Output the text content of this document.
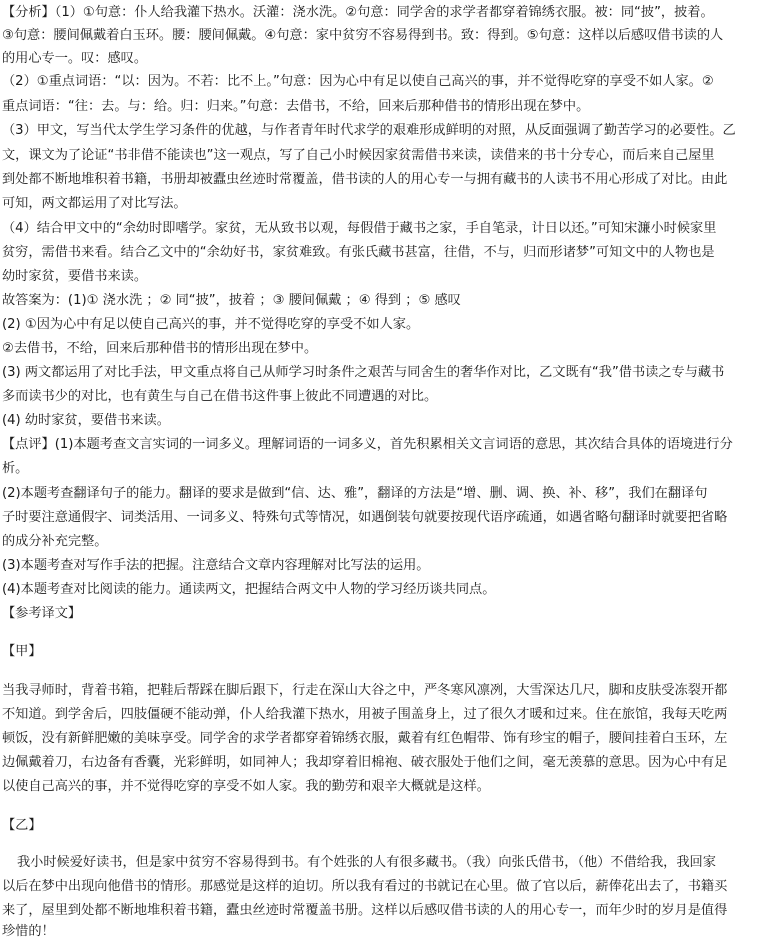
【分析】（1）①句意：仆人给我灌下热水。沃灌：浇水洗。②句意：同学舍的求学者都穿着锦绣衣服。被：同“披”，披着。
③句意：腰间佩戴着白玉环。腰：腰间佩戴。④句意：家中贫穷不容易得到书。致：得到。⑤句意：这样以后感叹借书读的人
的用心专一。叹：感叹。
（2）①重点词语：“以：因为。不若：比不上。”句意：因为心中有足以使自己高兴的事，并不觉得吃穿的享受不如人家。②
重点词语：“往：去。与：给。归：归来。”句意：去借书，不给，回来后那种借书的情形出现在梦中。
（3）甲文，写当代太学生学习条件的优越，与作者青年时代求学的艰难形成鲜明的对照，从反面强调了勤苦学习的必要性。乙
文，课文为了论证“书非借不能读也”这一观点，写了自己小时候因家贫需借书来读，读借来的书十分专心，而后来自己屋里
到处都不断地堆积着书籍，书册却被蠹虫丝迹时常覆盖，借书读的人的用心专一与拥有藏书的人读书不用心形成了对比。由此
可知，两文都运用了对比写法。
（4）结合甲文中的“余幼时即嗜学。家贫，无从致书以观，每假借于藏书之家，手自笔录，计日以还。”可知宋濂小时候家里
贫穷，需借书来看。结合乙文中的“余幼好书，家贫难致。有张氏藏书甚富，往借，不与，归而形诸梦”可知文中的人物也是
幼时家贫，要借书来读。
故答案为：(1)① 浇水洗 ；② 同“披”，披着 ；③ 腰间佩戴 ；④ 得到 ；⑤ 感叹
(2) ①因为心中有足以使自己高兴的事，并不觉得吃穿的享受不如人家。
②去借书，不给，回来后那种借书的情形出现在梦中。
(3) 两文都运用了对比手法，甲文重点将自己从师学习时条件之艰苦与同舍生的奢华作对比，乙文既有“我”借书读之专与藏书
多而读书少的对比，也有黄生与自己在借书这件事上彼此不同遭遇的对比。
(4) 幼时家贫，要借书来读。
【点评】(1)本题考查文言实词的一词多义。理解词语的一词多义，首先积累相关文言词语的意思，其次结合具体的语境进行分
析。
(2)本题考查翻译句子的能力。翻译的要求是做到“信、达、雅”，翻译的方法是“增、删、调、换、补、移”，我们在翻译句
子时要注意通假字、词类活用、一词多义、特殊句式等情况，如遇倒装句就要按现代语序疏通，如遇省略句翻译时就要把省略
的成分补充完整。
(3)本题考查对写作手法的把握。注意结合文章内容理解对比写法的运用。
(4)本题考查对比阅读的能力。通读两文，把握结合两文中人物的学习经历谈共同点。
【参考译文】
【甲】
当我寻师时，背着书箱，把鞋后帮踩在脚后跟下，行走在深山大谷之中，严冬寒风凛冽，大雪深达几尺，脚和皮肤受冻裂开都
不知道。到学舍后，四肢僵硬不能动弹，仆人给我灌下热水，用被子围盖身上，过了很久才暖和过来。住在旅馆，我每天吃两
顿饭，没有新鲜肥嫩的美味享受。同学舍的求学者都穿着锦绣衣服，戴着有红色帽带、饰有珍宝的帽子，腰间挂着白玉环，左
边佩戴着刀，右边备有香囊，光彩鲜明，如同神人；我却穿着旧棉袍、破衣服处于他们之间，毫无羡慕的意思。因为心中有足
以使自己高兴的事，并不觉得吃穿的享受不如人家。我的勤劳和艰辛大概就是这样。
【乙】
我小时候爱好读书，但是家中贫穷不容易得到书。有个姓张的人有很多藏书。（我）向张氏借书，（他）不借给我，我回家
以后在梦中出现向他借书的情形。那感觉是这样的迫切。所以我有看过的书就记在心里。做了官以后，薪俸花出去了，书籍买
来了，屋里到处都不断地堆积着书籍，蠹虫丝迹时常覆盖书册。这样以后感叹借书读的人的用心专一，而年少时的岁月是值得
珍惜的！
